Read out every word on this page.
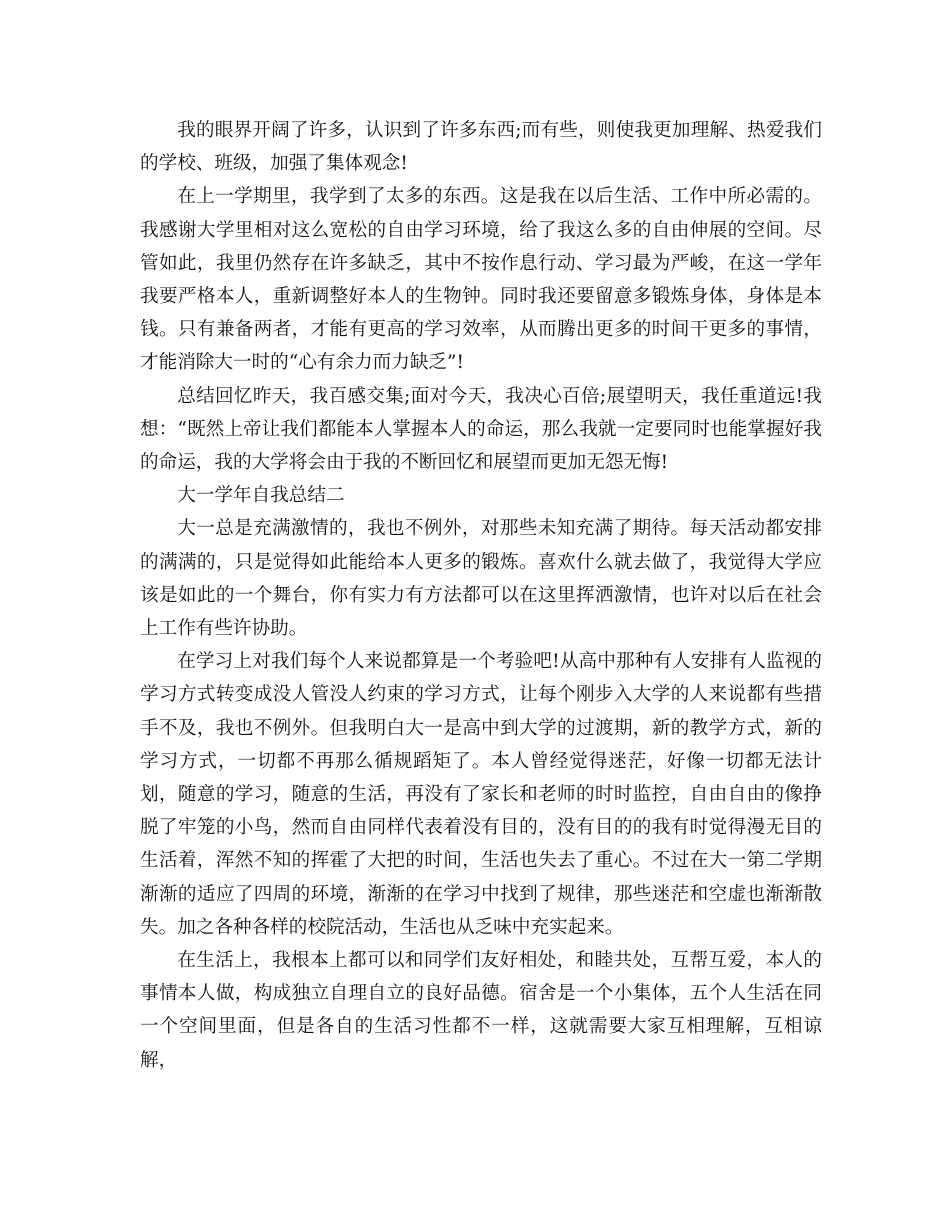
我的眼界开阔了许多，认识到了许多东西;而有些，则使我更加理解、热爱我们的学校、班级，加强了集体观念!

在上一学期里，我学到了太多的东西。这是我在以后生活、工作中所必需的。我感谢大学里相对这么宽松的自由学习环境，给了我这么多的自由伸展的空间。尽管如此，我里仍然存在许多缺乏，其中不按作息行动、学习最为严峻，在这一学年我要严格本人，重新调整好本人的生物钟。同时我还要留意多锻炼身体，身体是本钱。只有兼备两者，才能有更高的学习效率，从而腾出更多的时间干更多的事情，才能消除大一时的“心有余力而力缺乏”!

总结回忆昨天，我百感交集;面对今天，我决心百倍;展望明天，我任重道远!我想：“既然上帝让我们都能本人掌握本人的命运，那么我就一定要同时也能掌握好我的命运，我的大学将会由于我的不断回忆和展望而更加无怨无悔!

大一学年自我总结二

大一总是充满激情的，我也不例外，对那些未知充满了期待。每天活动都安排的满满的，只是觉得如此能给本人更多的锻炼。喜欢什么就去做了，我觉得大学应该是如此的一个舞台，你有实力有方法都可以在这里挥洒激情，也许对以后在社会上工作有些许协助。

在学习上对我们每个人来说都算是一个考验吧!从高中那种有人安排有人监视的学习方式转变成没人管没人约束的学习方式，让每个刚步入大学的人来说都有些措手不及，我也不例外。但我明白大一是高中到大学的过渡期，新的教学方式，新的学习方式，一切都不再那么循规蹈矩了。本人曾经觉得迷茫，好像一切都无法计划，随意的学习，随意的生活，再没有了家长和老师的时时监控，自由自由的像挣脱了牢笼的小鸟，然而自由同样代表着没有目的，没有目的的我有时觉得漫无目的生活着，浑然不知的挥霍了大把的时间，生活也失去了重心。不过在大一第二学期渐渐的适应了四周的环境，渐渐的在学习中找到了规律，那些迷茫和空虚也渐渐散失。加之各种各样的校院活动，生活也从乏味中充实起来。

在生活上，我根本上都可以和同学们友好相处，和睦共处，互帮互爱，本人的事情本人做，构成独立自理自立的良好品德。宿舍是一个小集体，五个人生活在同一个空间里面，但是各自的生活习性都不一样，这就需要大家互相理解，互相谅解，
